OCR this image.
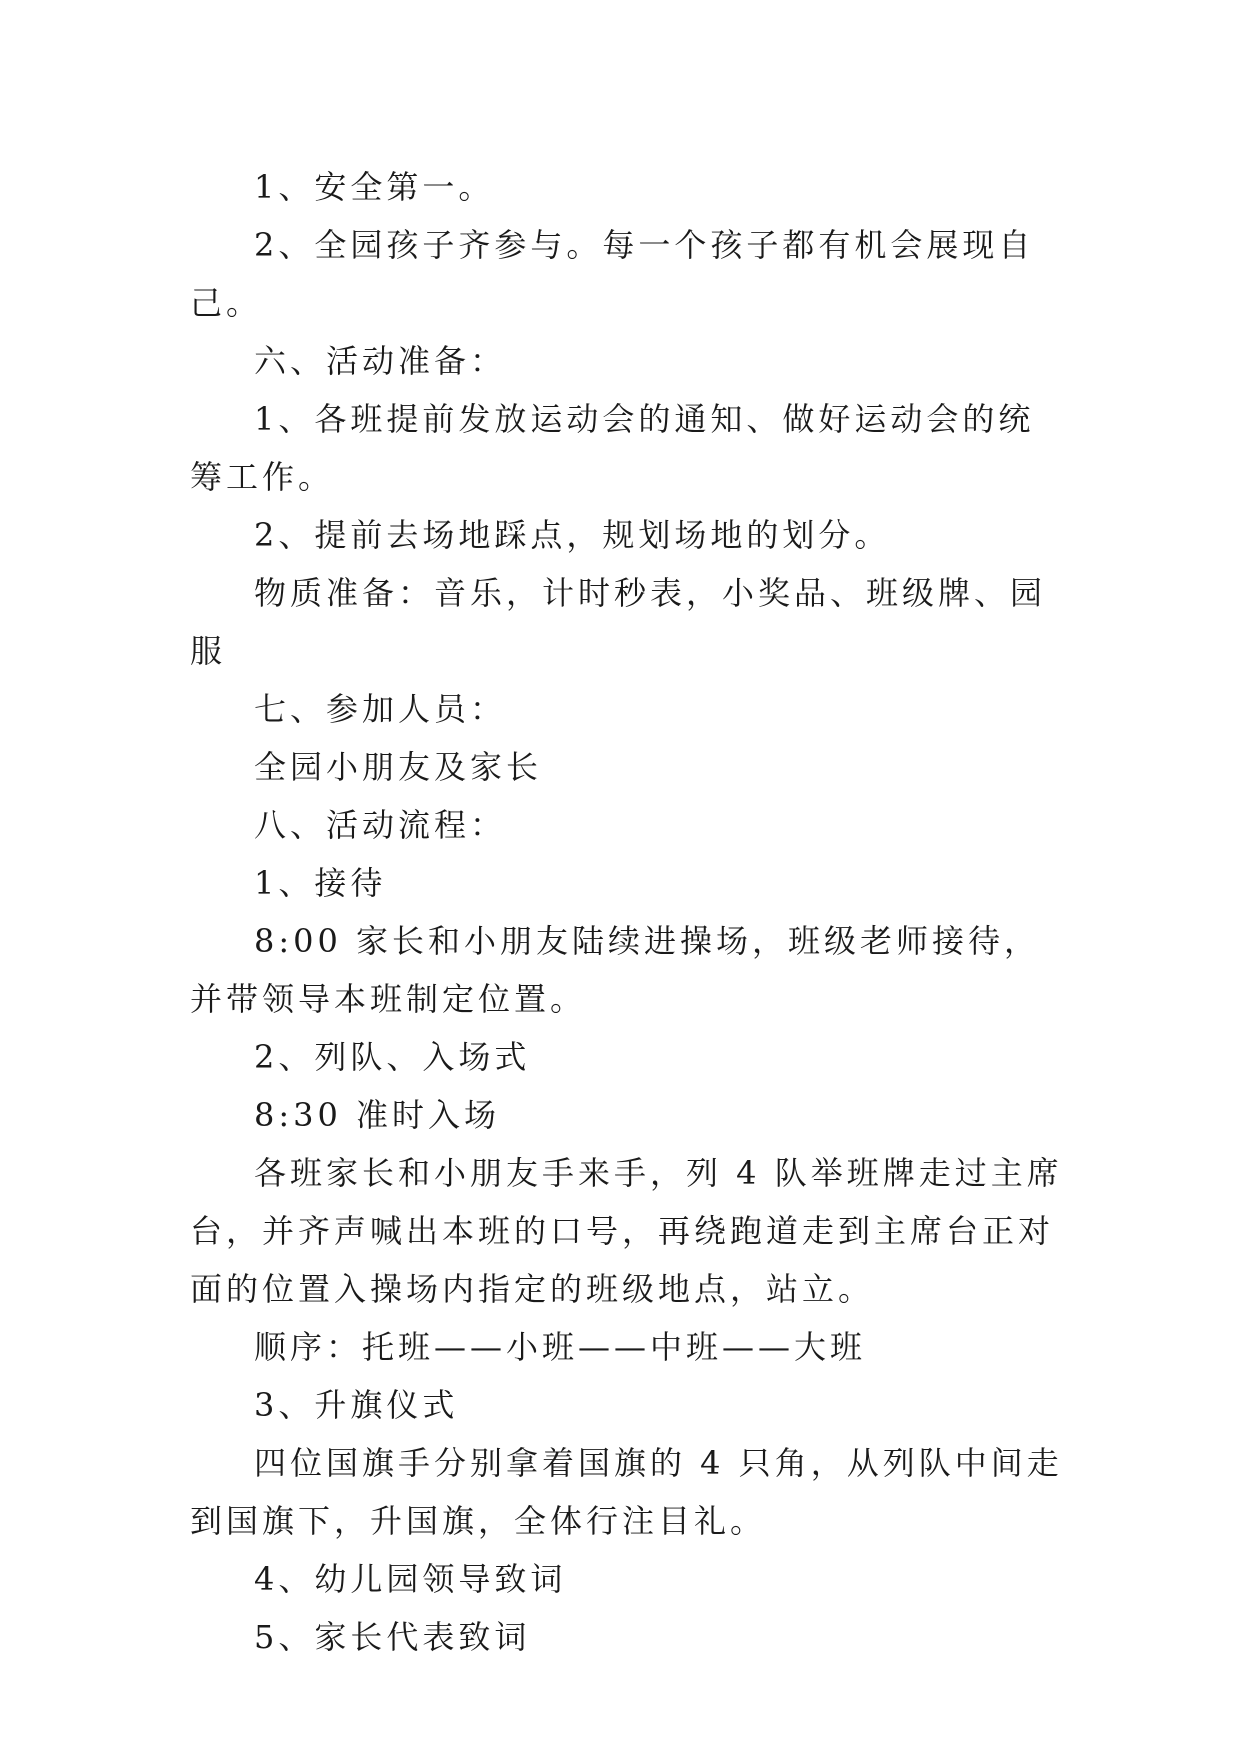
1、安全第一。

2、全园孩子齐参与。每一个孩子都有机会展现自己。

六、活动准备：

1、各班提前发放运动会的通知、做好运动会的统筹工作。

2、提前去场地踩点，规划场地的划分。

物质准备：音乐，计时秒表，小奖品、班级牌、园服

七、参加人员：

全园小朋友及家长

八、活动流程：

1、接待

8:00 家长和小朋友陆续进操场，班级老师接待，并带领导本班制定位置。

2、列队、入场式

8:30 准时入场

各班家长和小朋友手来手，列 4 队举班牌走过主席台，并齐声喊出本班的口号，再绕跑道走到主席台正对面的位置入操场内指定的班级地点，站立。

顺序：托班——小班——中班——大班

3、升旗仪式

四位国旗手分别拿着国旗的 4 只角，从列队中间走到国旗下，升国旗，全体行注目礼。

4、幼儿园领导致词

5、家长代表致词
